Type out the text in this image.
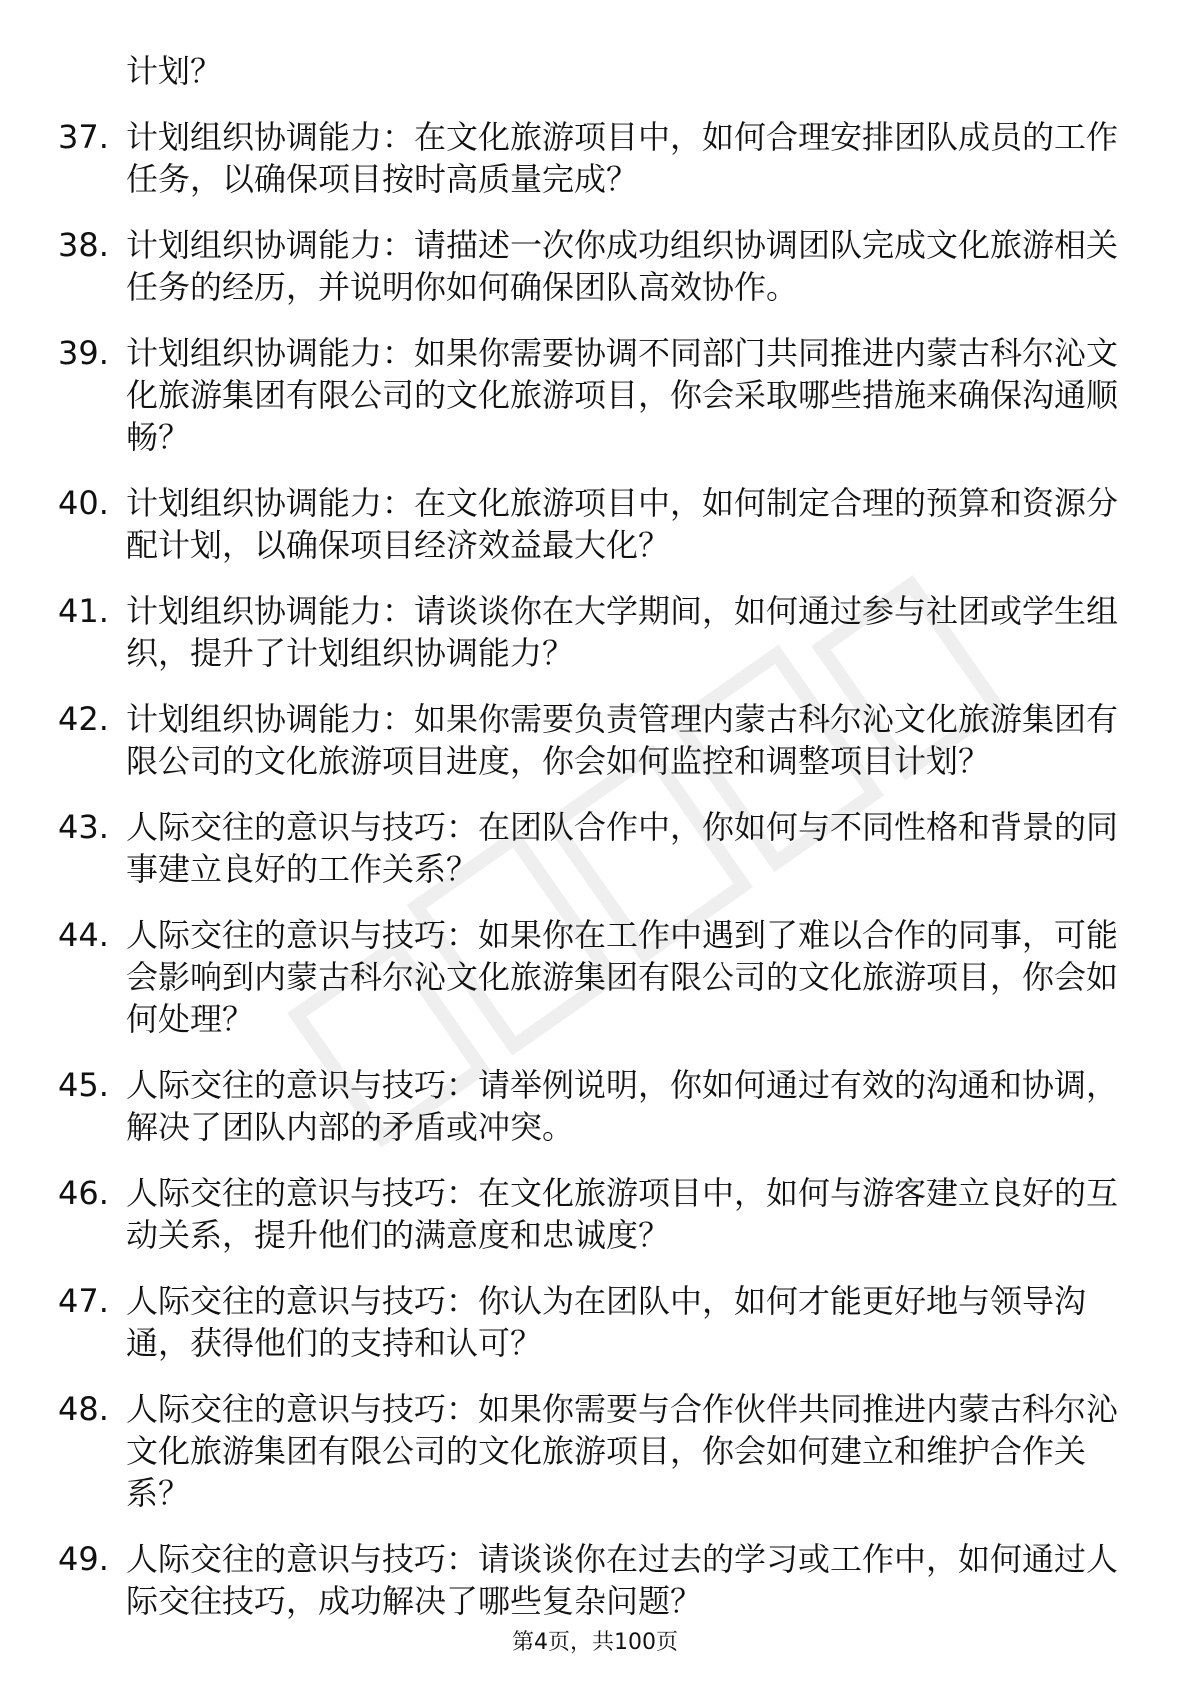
计划？

37. 计划组织协调能力：在文化旅游项目中，如何合理安排团队成员的工作任务，以确保项目按时高质量完成？
38. 计划组织协调能力：请描述一次你成功组织协调团队完成文化旅游相关任务的经历，并说明你如何确保团队高效协作。
39. 计划组织协调能力：如果你需要协调不同部门共同推进内蒙古科尔沁文化旅游集团有限公司的文化旅游项目，你会采取哪些措施来确保沟通顺畅？
40. 计划组织协调能力：在文化旅游项目中，如何制定合理的预算和资源分配计划，以确保项目经济效益最大化？
41. 计划组织协调能力：请谈谈你在大学期间，如何通过参与社团或学生组织，提升了计划组织协调能力？
42. 计划组织协调能力：如果你需要负责管理内蒙古科尔沁文化旅游集团有限公司的文化旅游项目进度，你会如何监控和调整项目计划？
43. 人际交往的意识与技巧：在团队合作中，你如何与不同性格和背景的同事建立良好的工作关系？
44. 人际交往的意识与技巧：如果你在工作中遇到了难以合作的同事，可能会影响到内蒙古科尔沁文化旅游集团有限公司的文化旅游项目，你会如何处理？
45. 人际交往的意识与技巧：请举例说明，你如何通过有效的沟通和协调，解决了团队内部的矛盾或冲突。
46. 人际交往的意识与技巧：在文化旅游项目中，如何与游客建立良好的互动关系，提升他们的满意度和忠诚度？
47. 人际交往的意识与技巧：你认为在团队中，如何才能更好地与领导沟通，获得他们的支持和认可？
48. 人际交往的意识与技巧：如果你需要与合作伙伴共同推进内蒙古科尔沁文化旅游集团有限公司的文化旅游项目，你会如何建立和维护合作关系？
49. 人际交往的意识与技巧：请谈谈你在过去的学习或工作中，如何通过人际交往技巧，成功解决了哪些复杂问题？
第4页，共100页
